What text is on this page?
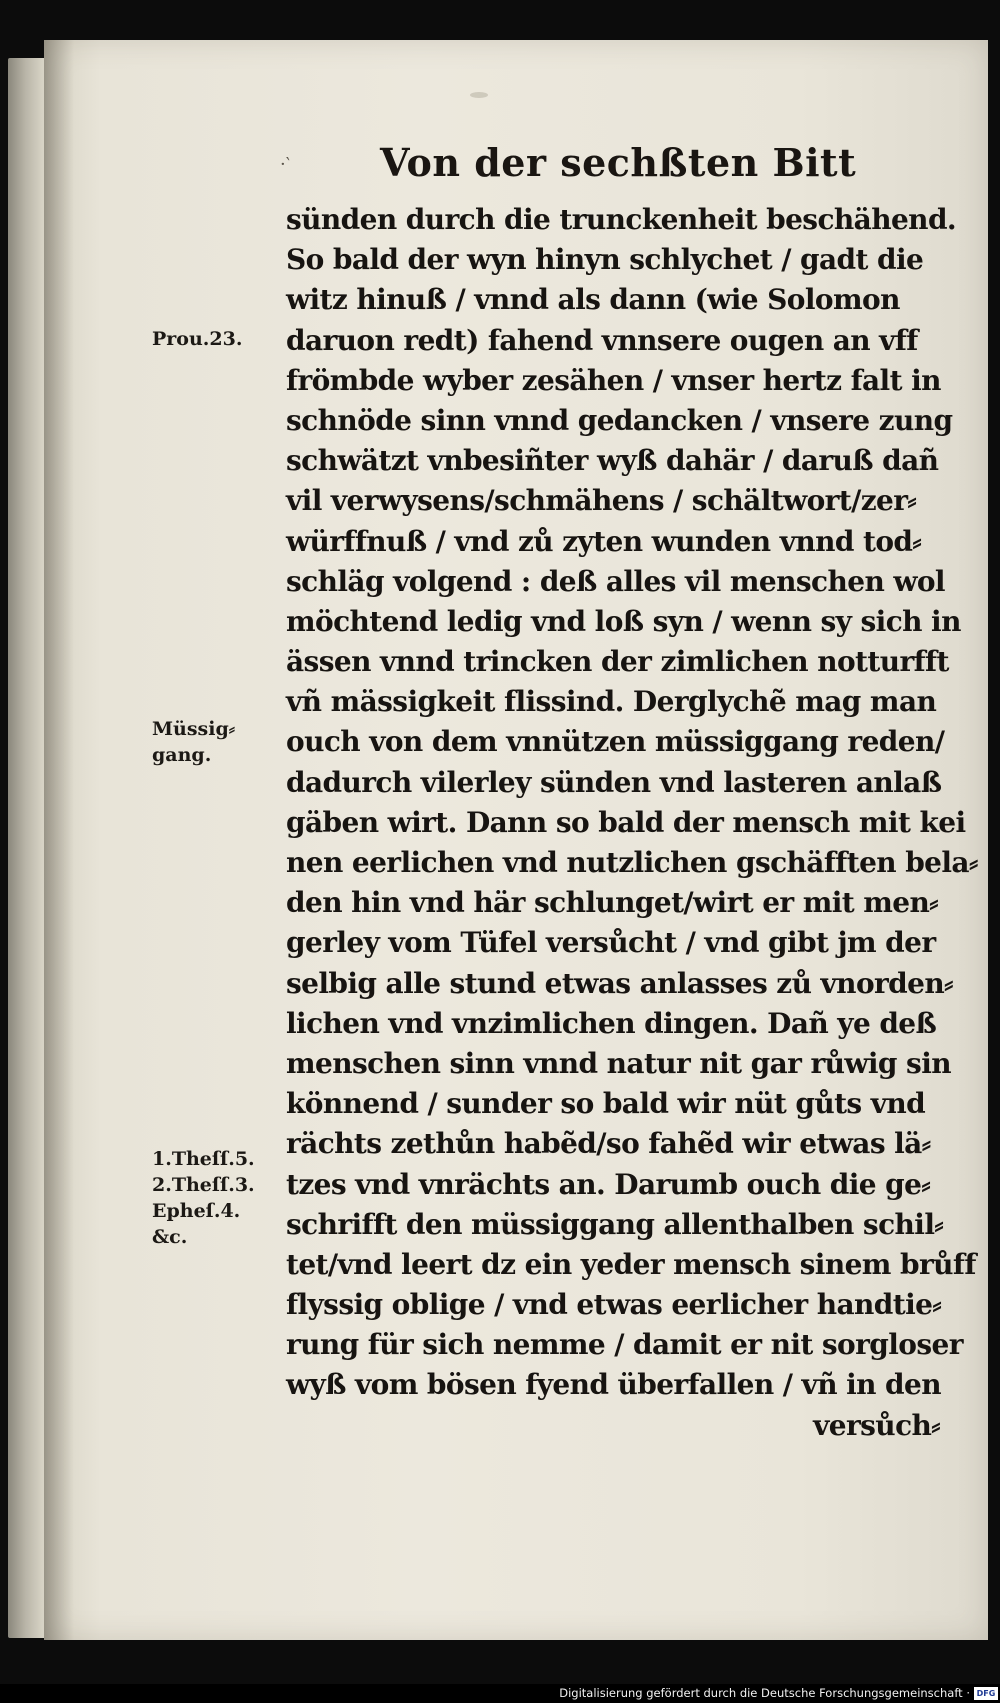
·‵ Von der sechßten Bitt
sünden durch die trunckenheit beschähend.
So bald der wyn hinyn schlychet / gadt die
witz hinuß / vnnd als dann (wie Solomon
daruon redt) fahend vnnsere ougen an vff
frömbde wyber zesähen / vnser hertz falt in
schnöde sinn vnnd gedancken / vnsere zung
schwätzt vnbesiñter wyß dahär / daruß dañ
vil verwysens/schmähens / schältwort/zer⸗
würffnuß / vnd zů zyten wunden vnnd tod⸗
schläg volgend : deß alles vil menschen wol
möchtend ledig vnd loß syn / wenn sy sich in
ässen vnnd trincken der zimlichen notturfft
vñ mässigkeit flissind. Derglychẽ mag man
ouch von dem vnnützen müssiggang reden/
dadurch vilerley sünden vnd lasteren anlaß
gäben wirt. Dann so bald der mensch mit kei
nen eerlichen vnd nutzlichen gschäfften bela⸗
den hin vnd här schlunget/wirt er mit men⸗
gerley vom Tüfel versůcht / vnd gibt jm der
selbig alle stund etwas anlasses zů vnorden⸗
lichen vnd vnzimlichen dingen. Dañ ye deß
menschen sinn vnnd natur nit gar růwig sin
könnend / sunder so bald wir nüt gůts vnd
rächts zethůn habẽd/so fahẽd wir etwas lä⸗
tzes vnd vnrächts an. Darumb ouch die ge⸗
schrifft den müssiggang allenthalben schil⸗
tet/vnd leert dz ein yeder mensch sinem brůff
flyssig oblige / vnd etwas eerlicher handtie⸗
rung für sich nemme / damit er nit sorgloser
wyß vom bösen fyend überfallen / vñ in den
versůch⸗
Prou.23.
Müssig⸗
gang.
1.Theſſ.5.
2.Theſſ.3.
Epheſ.4.
&c.
Digitalisierung gefördert durch die Deutsche Forschungsgemeinschaft · DFG
